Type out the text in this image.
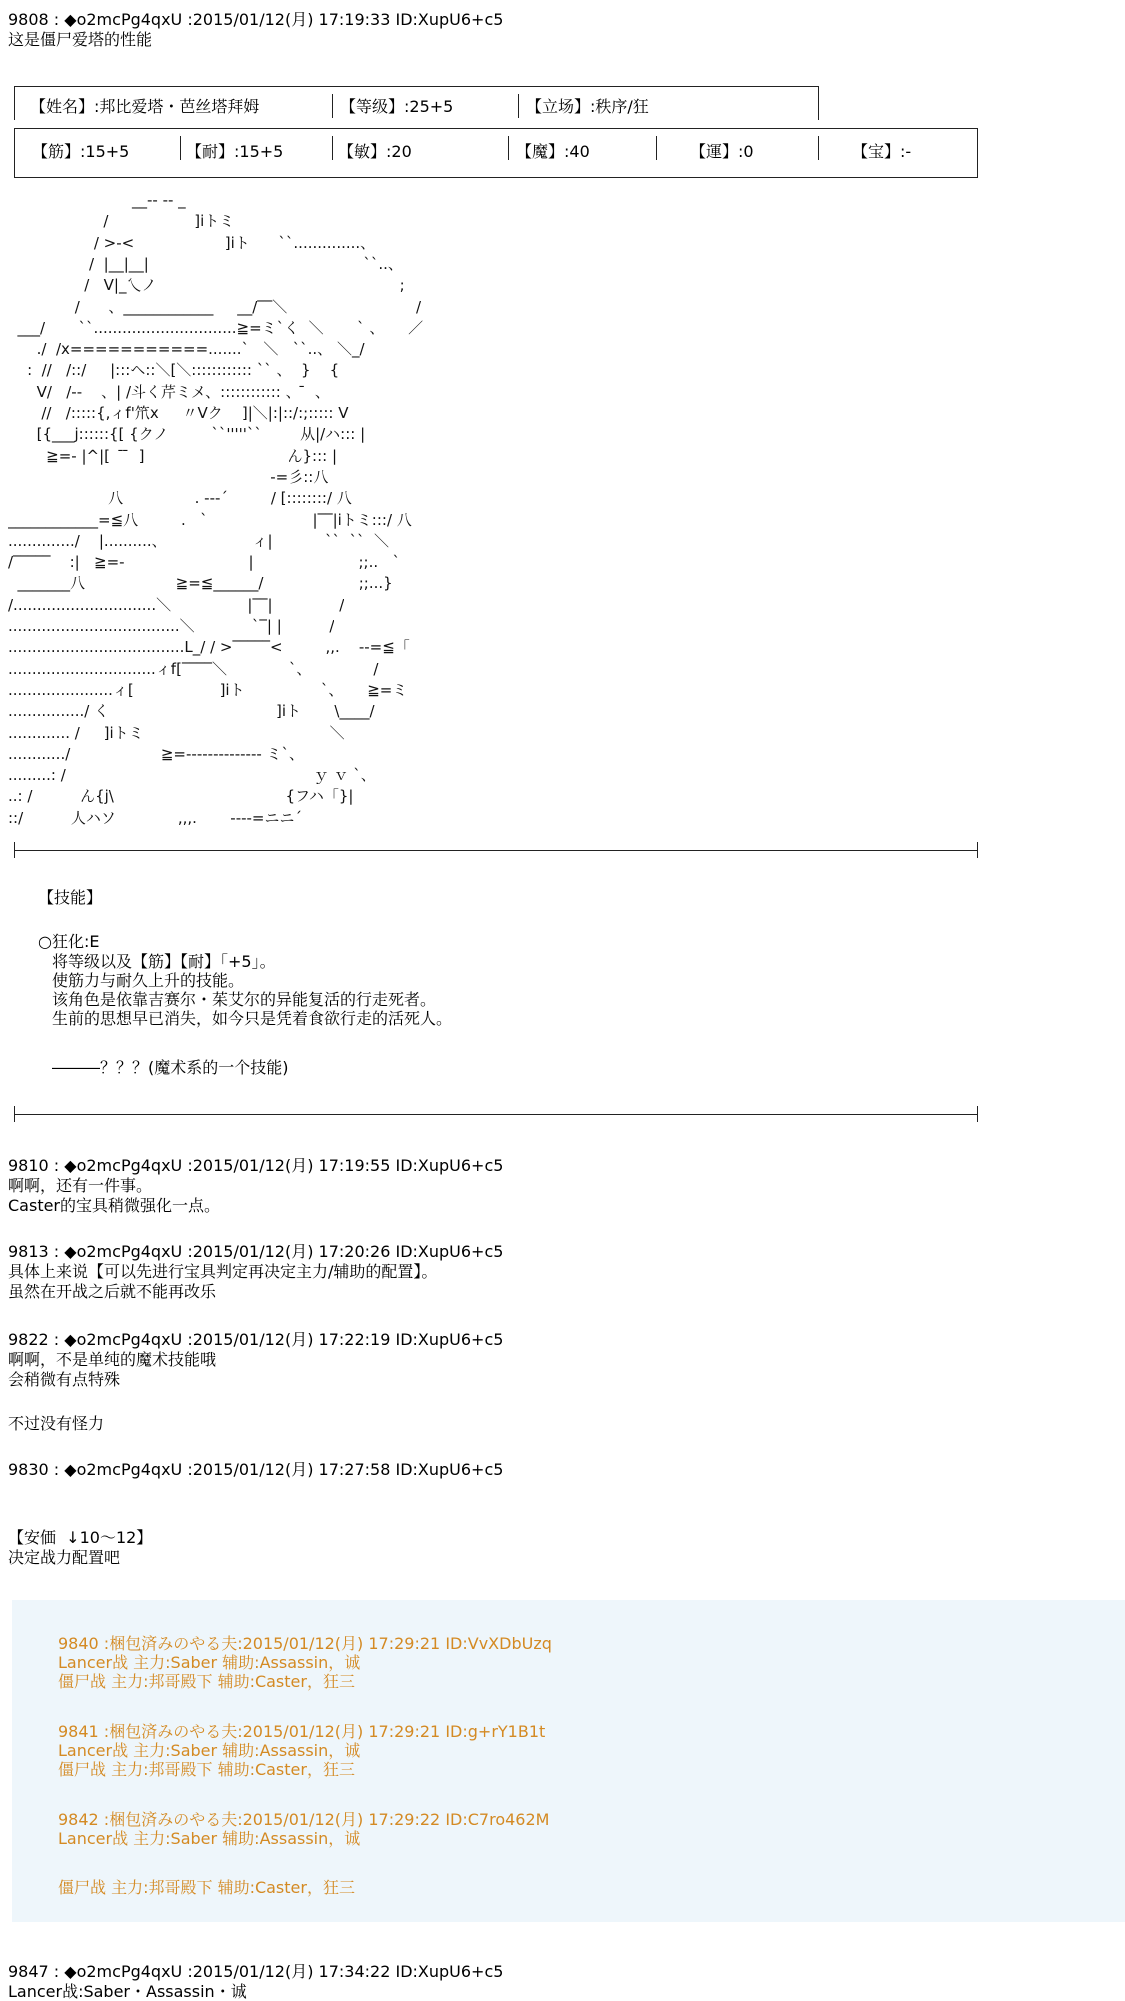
9808 : ◆o2mcPg4qxU :2015/01/12(月) 17:19:33 ID:XupU6+c5
这是僵尸爱塔的性能
【姓名】:邦比爱塔・芭丝塔拜姆	【等级】:25+5	【立场】:秩序/狂
【筋】:15+5	【耐】:15+5	【敏】:20	【魔】:40	【運】:0	【宝】:-
__-- -- _
/                  ]iトミ
/ >-<                   ]iト      ``..............、
/  |__|__|                                             ``..、
/   V|_乀ノ                                                   ;
/      、____________     __/‾‾＼                           /
___/       ``..............................≧=ミ`く  ＼       ` 、     ／
./  /x===========.......`   ＼   ``..、 ＼_/
:  //   /::/     |:::ヘ::＼[＼:::::::::::: `` 、  }    {
V/   /--    、| /斗く芹ミメ、:::::::::::: 、 ̄  、
//   /:::::{,ィf'笊x     〃Vク    ]|＼|:|::/:;::::: V
[{___j::::::{[ {クノ         ``'''''``        从|/ハ::: |
≧=- |^|[   ̄ ̄  ]                              ん}::: |
-=彡::八
八               . -‐‐´         / [::::::::/ 八
____________=≦八         .   `                      |‾‾|iトミ:::/ 八
............../    |..........、                  ィ|           ``  ``  ＼
/‾‾‾‾‾    :|   ≧=-                          |                      ;;..   `
_______八                   ≧=≦______/                    ;;...}
/..............................＼                |‾‾|              /
....................................＼            `‾| |          /
.....................................L_/ / >‾‾‾‾‾<         ,,.    --=≦「
...............................ィf[‾‾‾‾＼             `、             /
......................ィ[                  ]iト                `、     ≧=ミ
................/ く                                   ]iト       \____/
............. /     ]iトミ                                       ＼
............/                   ≧=‐‐‐‐‐‐‐‐‐‐‐--- ミ`、
.........: /                                                    ｙ ｖ `、
..: /          ん{j\                                    {フハ「}|
::/          人ハソ             ,,,.       -‐‐‐=ニニ´
【技能】
○狂化:E
将等级以及【筋】【耐】「+5」。
使筋力与耐久上升的技能。
该角色是依靠吉赛尔・茱艾尔的异能复活的行走死者。
生前的思想早已消失，如今只是凭着食欲行走的活死人。
―――？？？(魔术系的一个技能)
9810 : ◆o2mcPg4qxU :2015/01/12(月) 17:19:55 ID:XupU6+c5
啊啊，还有一件事。
Caster的宝具稍微强化一点。
9813 : ◆o2mcPg4qxU :2015/01/12(月) 17:20:26 ID:XupU6+c5
具体上来说【可以先进行宝具判定再决定主力/辅助的配置】。
虽然在开战之后就不能再改乐
9822 : ◆o2mcPg4qxU :2015/01/12(月) 17:22:19 ID:XupU6+c5
啊啊，不是单纯的魔术技能哦
会稍微有点特殊
不过没有怪力
9830 : ◆o2mcPg4qxU :2015/01/12(月) 17:27:58 ID:XupU6+c5
【安価  ↓10～12】
决定战力配置吧
9840 :梱包済みのやる夫:2015/01/12(月) 17:29:21 ID:VvXDbUzq
Lancer战 主力:Saber 辅助:Assassin，诚
僵尸战 主力:邦哥殿下 辅助:Caster，狂三
9841 :梱包済みのやる夫:2015/01/12(月) 17:29:21 ID:g+rY1B1t
Lancer战 主力:Saber 辅助:Assassin，诚
僵尸战 主力:邦哥殿下 辅助:Caster，狂三
9842 :梱包済みのやる夫:2015/01/12(月) 17:29:22 ID:C7ro462M
Lancer战 主力:Saber 辅助:Assassin，诚
僵尸战 主力:邦哥殿下 辅助:Caster，狂三
9847 : ◆o2mcPg4qxU :2015/01/12(月) 17:34:22 ID:XupU6+c5
Lancer战:Saber・Assassin・诚
